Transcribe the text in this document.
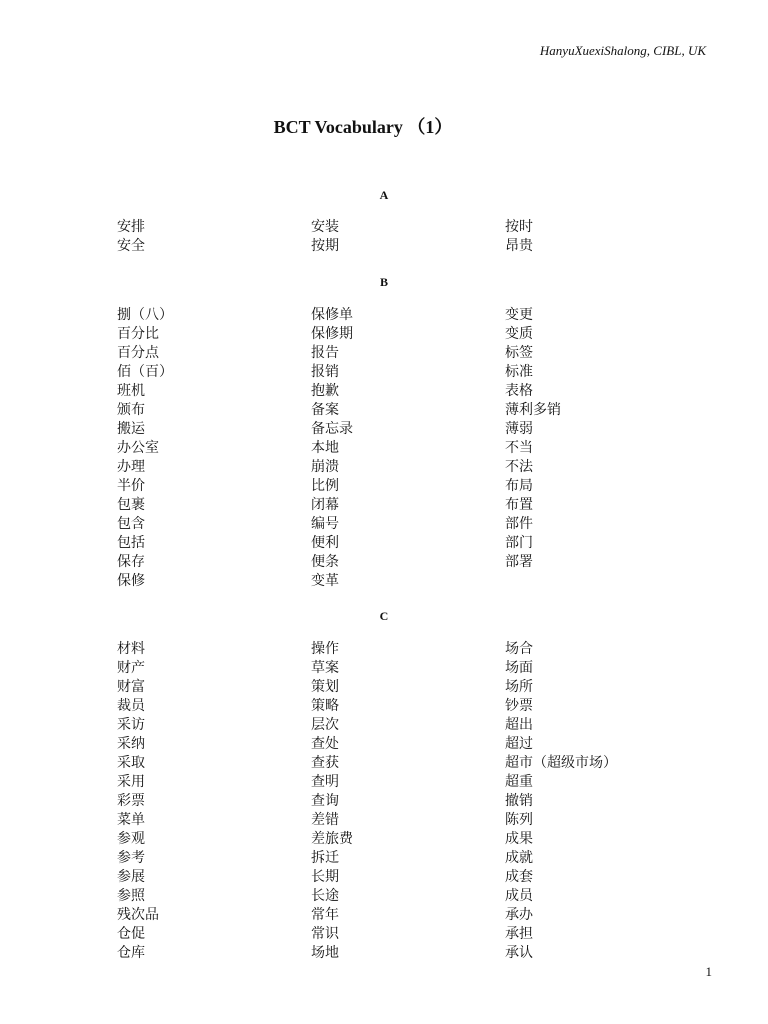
HanyuXuexiShalong, CIBL, UK
BCT Vocabulary （1）
A
安排	安装	按时
安全	按期	昂贵
B
捌（八）	保修单	变更
百分比	保修期	变质
百分点	报告	标签
佰（百）	报销	标准
班机	抱歉	表格
颁布	备案	薄利多销
搬运	备忘录	薄弱
办公室	本地	不当
办理	崩溃	不法
半价	比例	布局
包裹	闭幕	布置
包含	编号	部件
包括	便利	部门
保存	便条	部署
保修	变革
C
材料	操作	场合
财产	草案	场面
财富	策划	场所
裁员	策略	钞票
采访	层次	超出
采纳	查处	超过
采取	查获	超市（超级市场）
采用	查明	超重
彩票	查询	撤销
菜单	差错	陈列
参观	差旅费	成果
参考	拆迁	成就
参展	长期	成套
参照	长途	成员
残次品	常年	承办
仓促	常识	承担
仓库	场地	承认
1
